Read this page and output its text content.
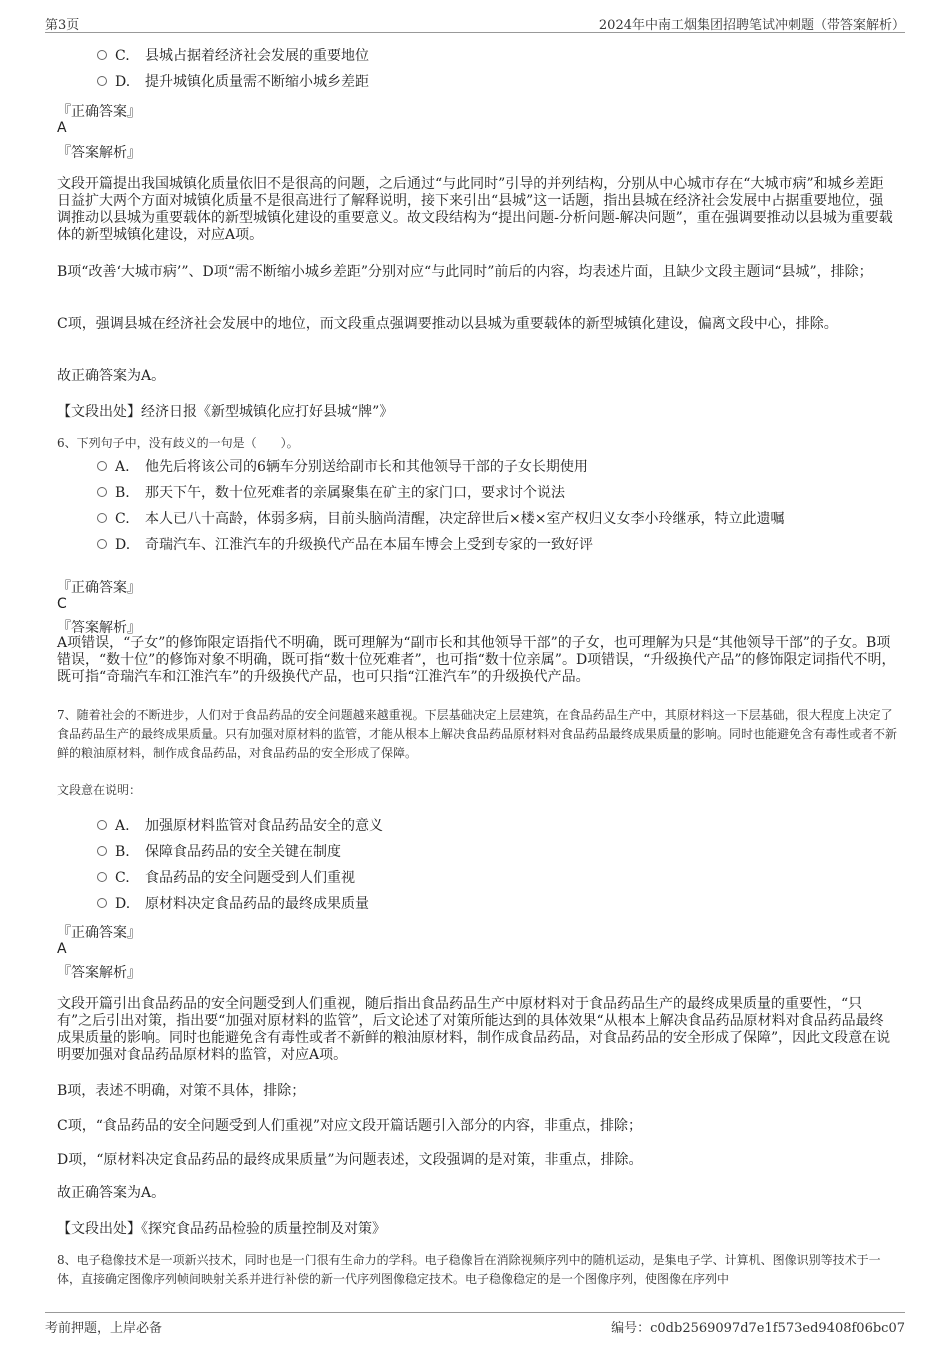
第3页	2024年中南工烟集团招聘笔试冲刺题（带答案解析）
C. 县城占据着经济社会发展的重要地位
D. 提升城镇化质量需不断缩小城乡差距
『正确答案』
A
『答案解析』
文段开篇提出我国城镇化质量依旧不是很高的问题，之后通过“与此同时”引导的并列结构，分别从中心城市存在“大城市病”和城乡差距日益扩大两个方面对城镇化质量不是很高进行了解释说明，接下来引出“县城”这一话题，指出县城在经济社会发展中占据重要地位，强调推动以县城为重要载体的新型城镇化建设的重要意义。故文段结构为“提出问题-分析问题-解决问题”，重在强调要推动以县城为重要载体的新型城镇化建设，对应A项。
B项“改善‘大城市病’”、D项“需不断缩小城乡差距”分别对应“与此同时”前后的内容，均表述片面，且缺少文段主题词“县城”，排除；
C项，强调县城在经济社会发展中的地位，而文段重点强调要推动以县城为重要载体的新型城镇化建设，偏离文段中心，排除。
故正确答案为A。
【文段出处】经济日报《新型城镇化应打好县城“牌”》
6、下列句子中，没有歧义的一句是（　　）。
A. 他先后将该公司的6辆车分别送给副市长和其他领导干部的子女长期使用
B. 那天下午，数十位死难者的亲属聚集在矿主的家门口，要求讨个说法
C. 本人已八十高龄，体弱多病，目前头脑尚清醒，决定辞世后×楼×室产权归义女李小玲继承，特立此遗嘱
D. 奇瑞汽车、江淮汽车的升级换代产品在本届车博会上受到专家的一致好评
『正确答案』
C
『答案解析』
A项错误，“子女”的修饰限定语指代不明确，既可理解为“副市长和其他领导干部”的子女，也可理解为只是“其他领导干部”的子女。B项错误，“数十位”的修饰对象不明确，既可指“数十位死难者”，也可指“数十位亲属”。D项错误，“升级换代产品”的修饰限定词指代不明，既可指“奇瑞汽车和江淮汽车”的升级换代产品，也可只指“江淮汽车”的升级换代产品。
7、随着社会的不断进步，人们对于食品药品的安全问题越来越重视。下层基础决定上层建筑，在食品药品生产中，其原材料这一下层基础，很大程度上决定了食品药品生产的最终成果质量。只有加强对原材料的监管，才能从根本上解决食品药品原材料对食品药品最终成果质量的影响。同时也能避免含有毒性或者不新鲜的粮油原材料，制作成食品药品，对食品药品的安全形成了保障。
文段意在说明：
A. 加强原材料监管对食品药品安全的意义
B. 保障食品药品的安全关键在制度
C. 食品药品的安全问题受到人们重视
D. 原材料决定食品药品的最终成果质量
『正确答案』
A
『答案解析』
文段开篇引出食品药品的安全问题受到人们重视，随后指出食品药品生产中原材料对于食品药品生产的最终成果质量的重要性，“只有”之后引出对策，指出要“加强对原材料的监管”，后文论述了对策所能达到的具体效果“从根本上解决食品药品原材料对食品药品最终成果质量的影响。同时也能避免含有毒性或者不新鲜的粮油原材料，制作成食品药品，对食品药品的安全形成了保障”，因此文段意在说明要加强对食品药品原材料的监管，对应A项。
B项，表述不明确，对策不具体，排除；
C项，“食品药品的安全问题受到人们重视”对应文段开篇话题引入部分的内容，非重点，排除；
D项，“原材料决定食品药品的最终成果质量”为问题表述，文段强调的是对策，非重点，排除。
故正确答案为A。
【文段出处】《探究食品药品检验的质量控制及对策》
8、电子稳像技术是一项新兴技术，同时也是一门很有生命力的学科。电子稳像旨在消除视频序列中的随机运动，是集电子学、计算机、图像识别等技术于一体，直接确定图像序列帧间映射关系并进行补偿的新一代序列图像稳定技术。电子稳像稳定的是一个图像序列，使图像在序列中
考前押题，上岸必备	编号：c0db2569097d7e1f573ed9408f06bc07
